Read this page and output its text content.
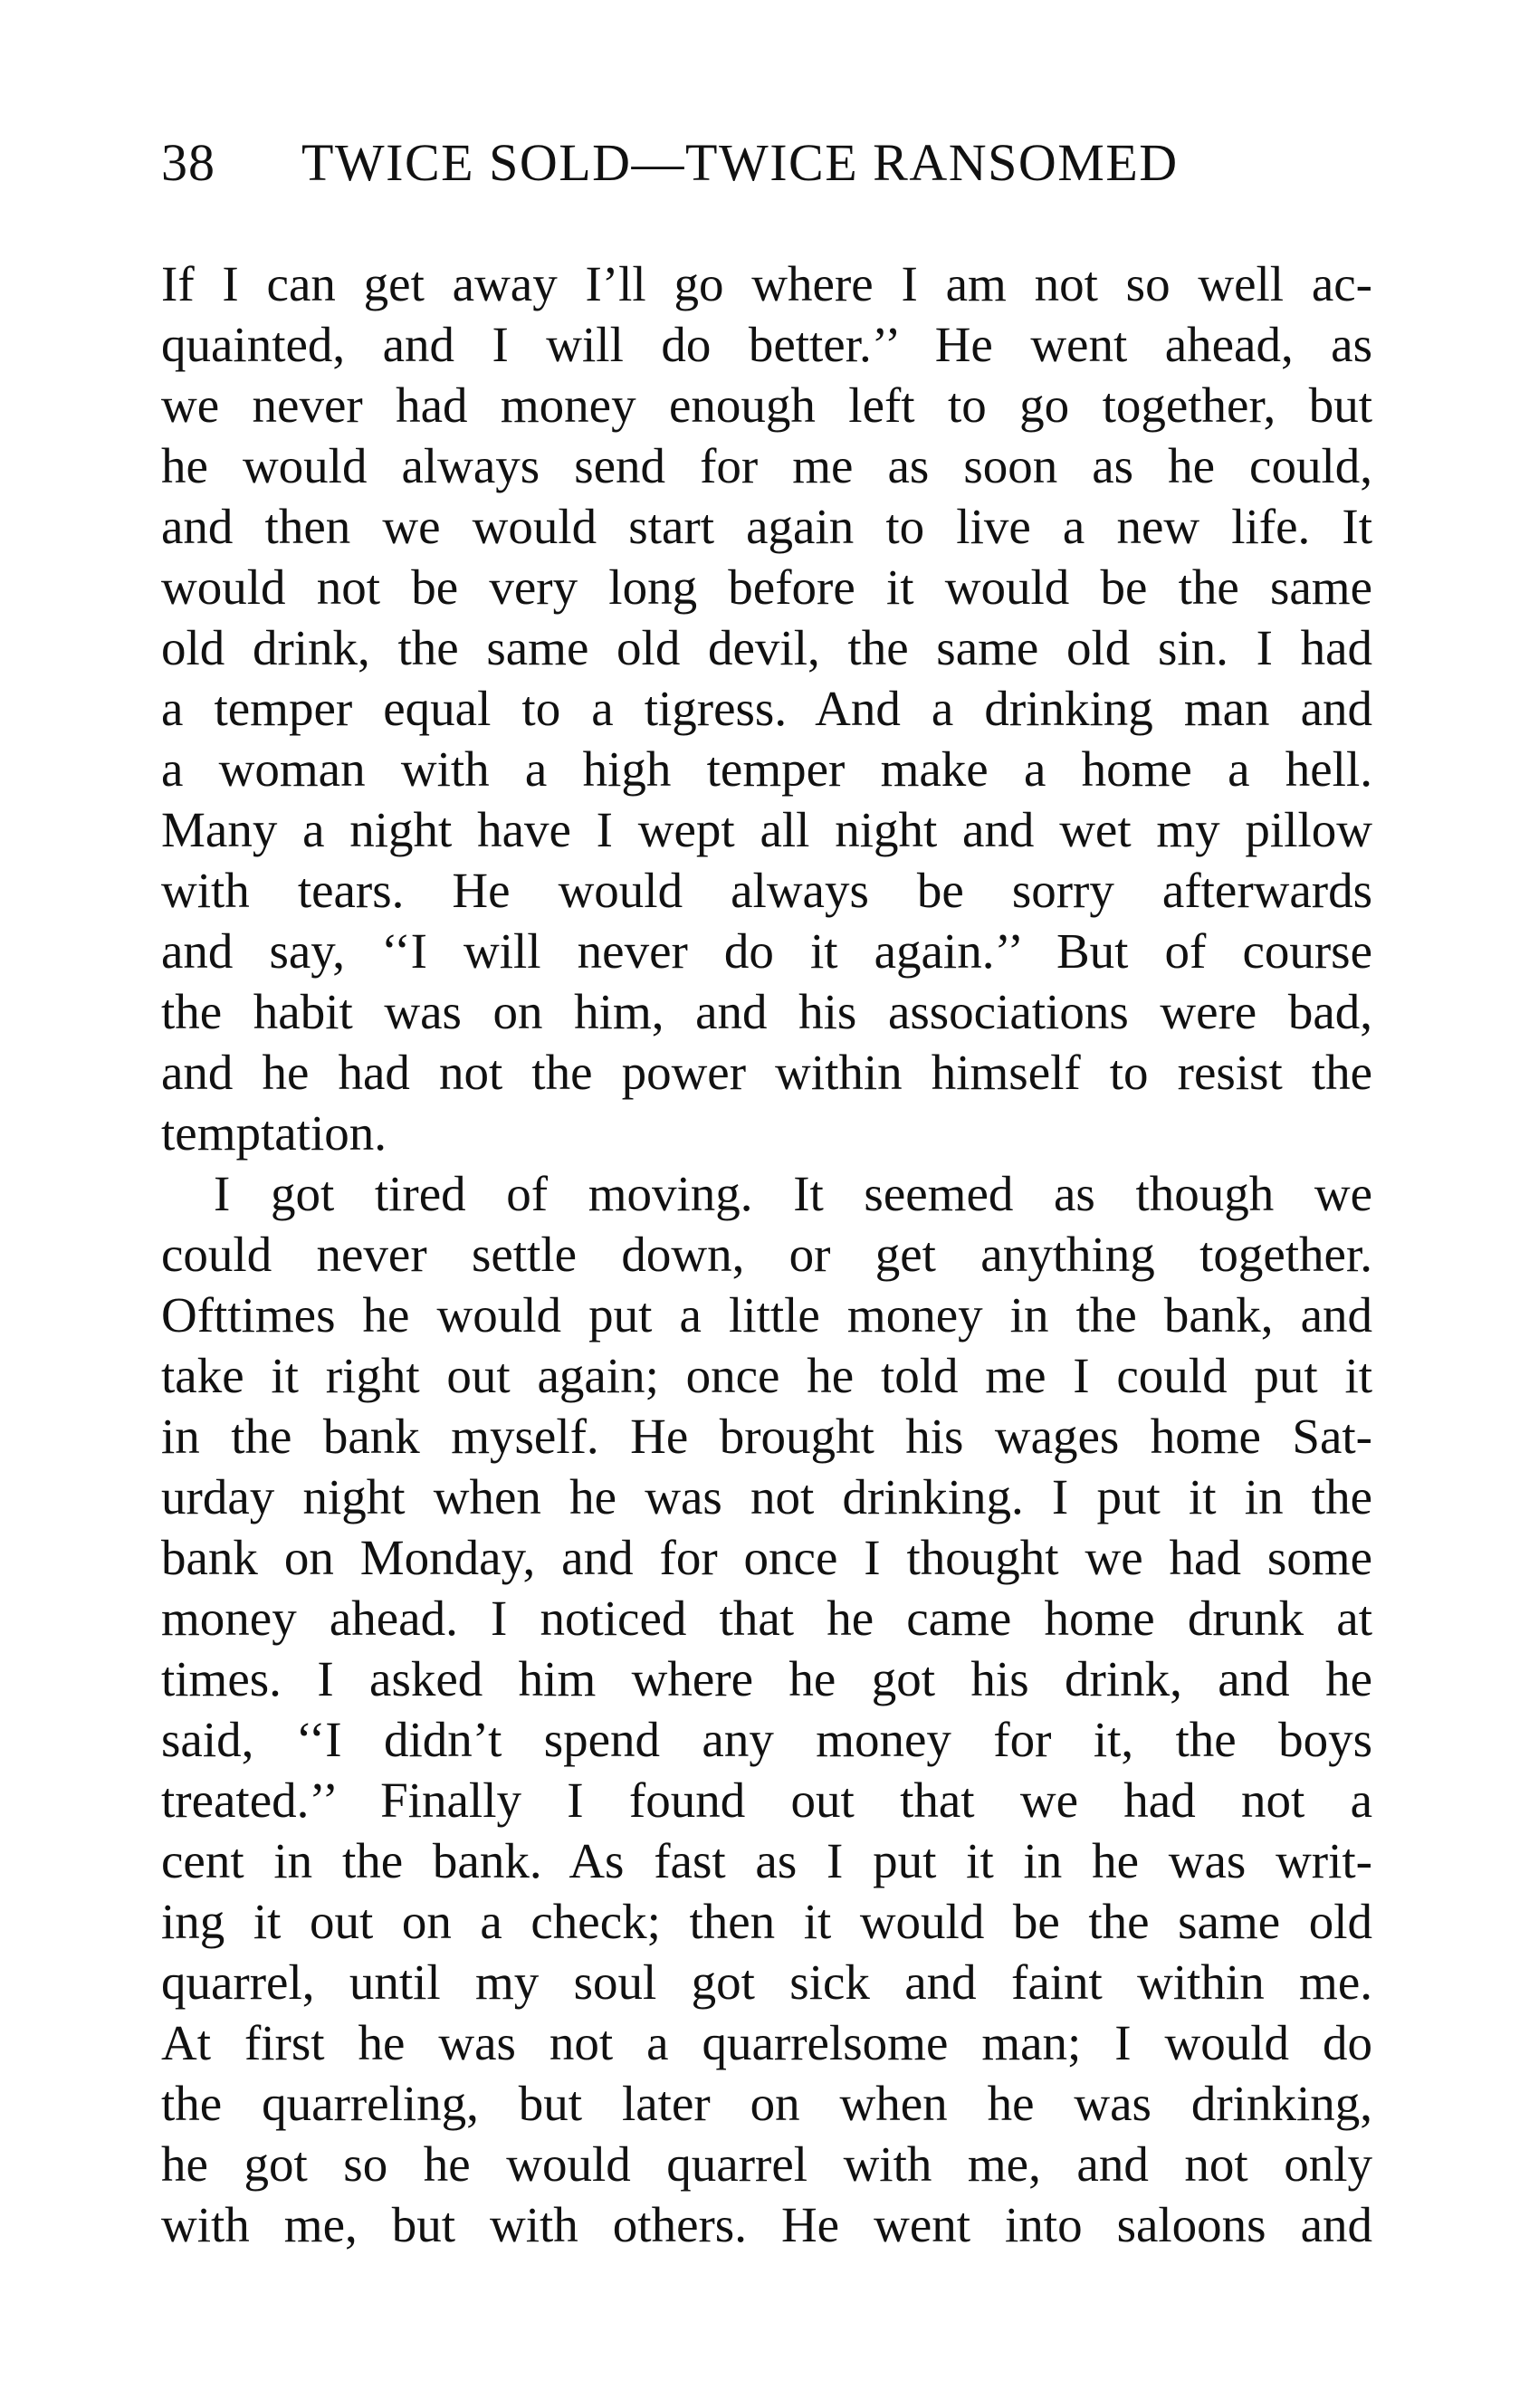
38 TWICE SOLD—TWICE RANSOMED
If I can get away I’ll go where I am not so well ac-
quainted, and I will do better.’’ He went ahead, as
we never had money enough left to go together, but
he would always send for me as soon as he could,
and then we would start again to live a new life. It
would not be very long before it would be the same
old drink, the same old devil, the same old sin. I had
a temper equal to a tigress. And a drinking man and
a woman with a high temper make a home a hell.
Many a night have I wept all night and wet my pillow
with tears. He would always be sorry afterwards
and say, ‘‘I will never do it again.’’ But of course
the habit was on him, and his associations were bad,
and he had not the power within himself to resist the
temptation.
I got tired of moving. It seemed as though we
could never settle down, or get anything together.
Ofttimes he would put a little money in the bank, and
take it right out again; once he told me I could put it
in the bank myself. He brought his wages home Sat-
urday night when he was not drinking. I put it in the
bank on Monday, and for once I thought we had some
money ahead. I noticed that he came home drunk at
times. I asked him where he got his drink, and he
said, ‘‘I didn’t spend any money for it, the boys
treated.’’ Finally I found out that we had not a
cent in the bank. As fast as I put it in he was writ-
ing it out on a check; then it would be the same old
quarrel, until my soul got sick and faint within me.
At first he was not a quarrelsome man; I would do
the quarreling, but later on when he was drinking,
he got so he would quarrel with me, and not only
with me, but with others. He went into saloons and
